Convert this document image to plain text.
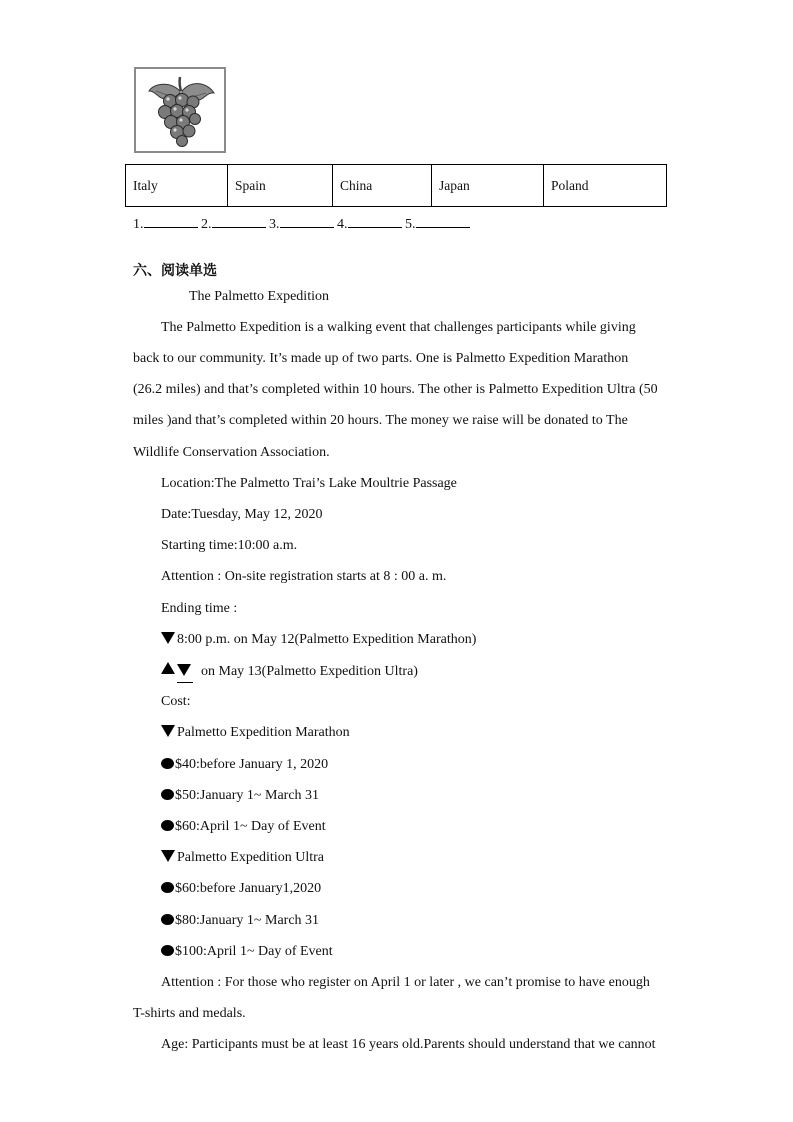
Italy	Spain	China	Japan	Poland
1.	2.	3.	4.	5.
六、阅读单选
The Palmetto Expedition
The Palmetto Expedition is a walking event that challenges participants while giving
back to our community. It’s made up of two parts. One is Palmetto Expedition Marathon
(26.2 miles) and that’s completed within 10 hours. The other is Palmetto Expedition Ultra (50
miles )and that’s completed within 20 hours. The money we raise will be donated to The
Wildlife Conservation Association.
Location:The Palmetto Trai’s Lake Moultrie Passage
Date:Tuesday, May 12, 2020
Starting time:10:00 a.m.
Attention : On-site registration starts at 8 : 00 a. m.
Ending time :
8:00 p.m. on May 12(Palmetto Expedition Marathon)
on May 13(Palmetto Expedition Ultra)
Cost:
Palmetto Expedition Marathon
$40:before January 1, 2020
$50:January 1~ March 31
$60:April 1~ Day of Event
Palmetto Expedition Ultra
$60:before January1,2020
$80:January 1~ March 31
$100:April 1~ Day of Event
Attention : For those who register on April 1 or later , we can’t promise to have enough
T-shirts and medals.
Age: Participants must be at least 16 years old.Parents should understand that we cannot
